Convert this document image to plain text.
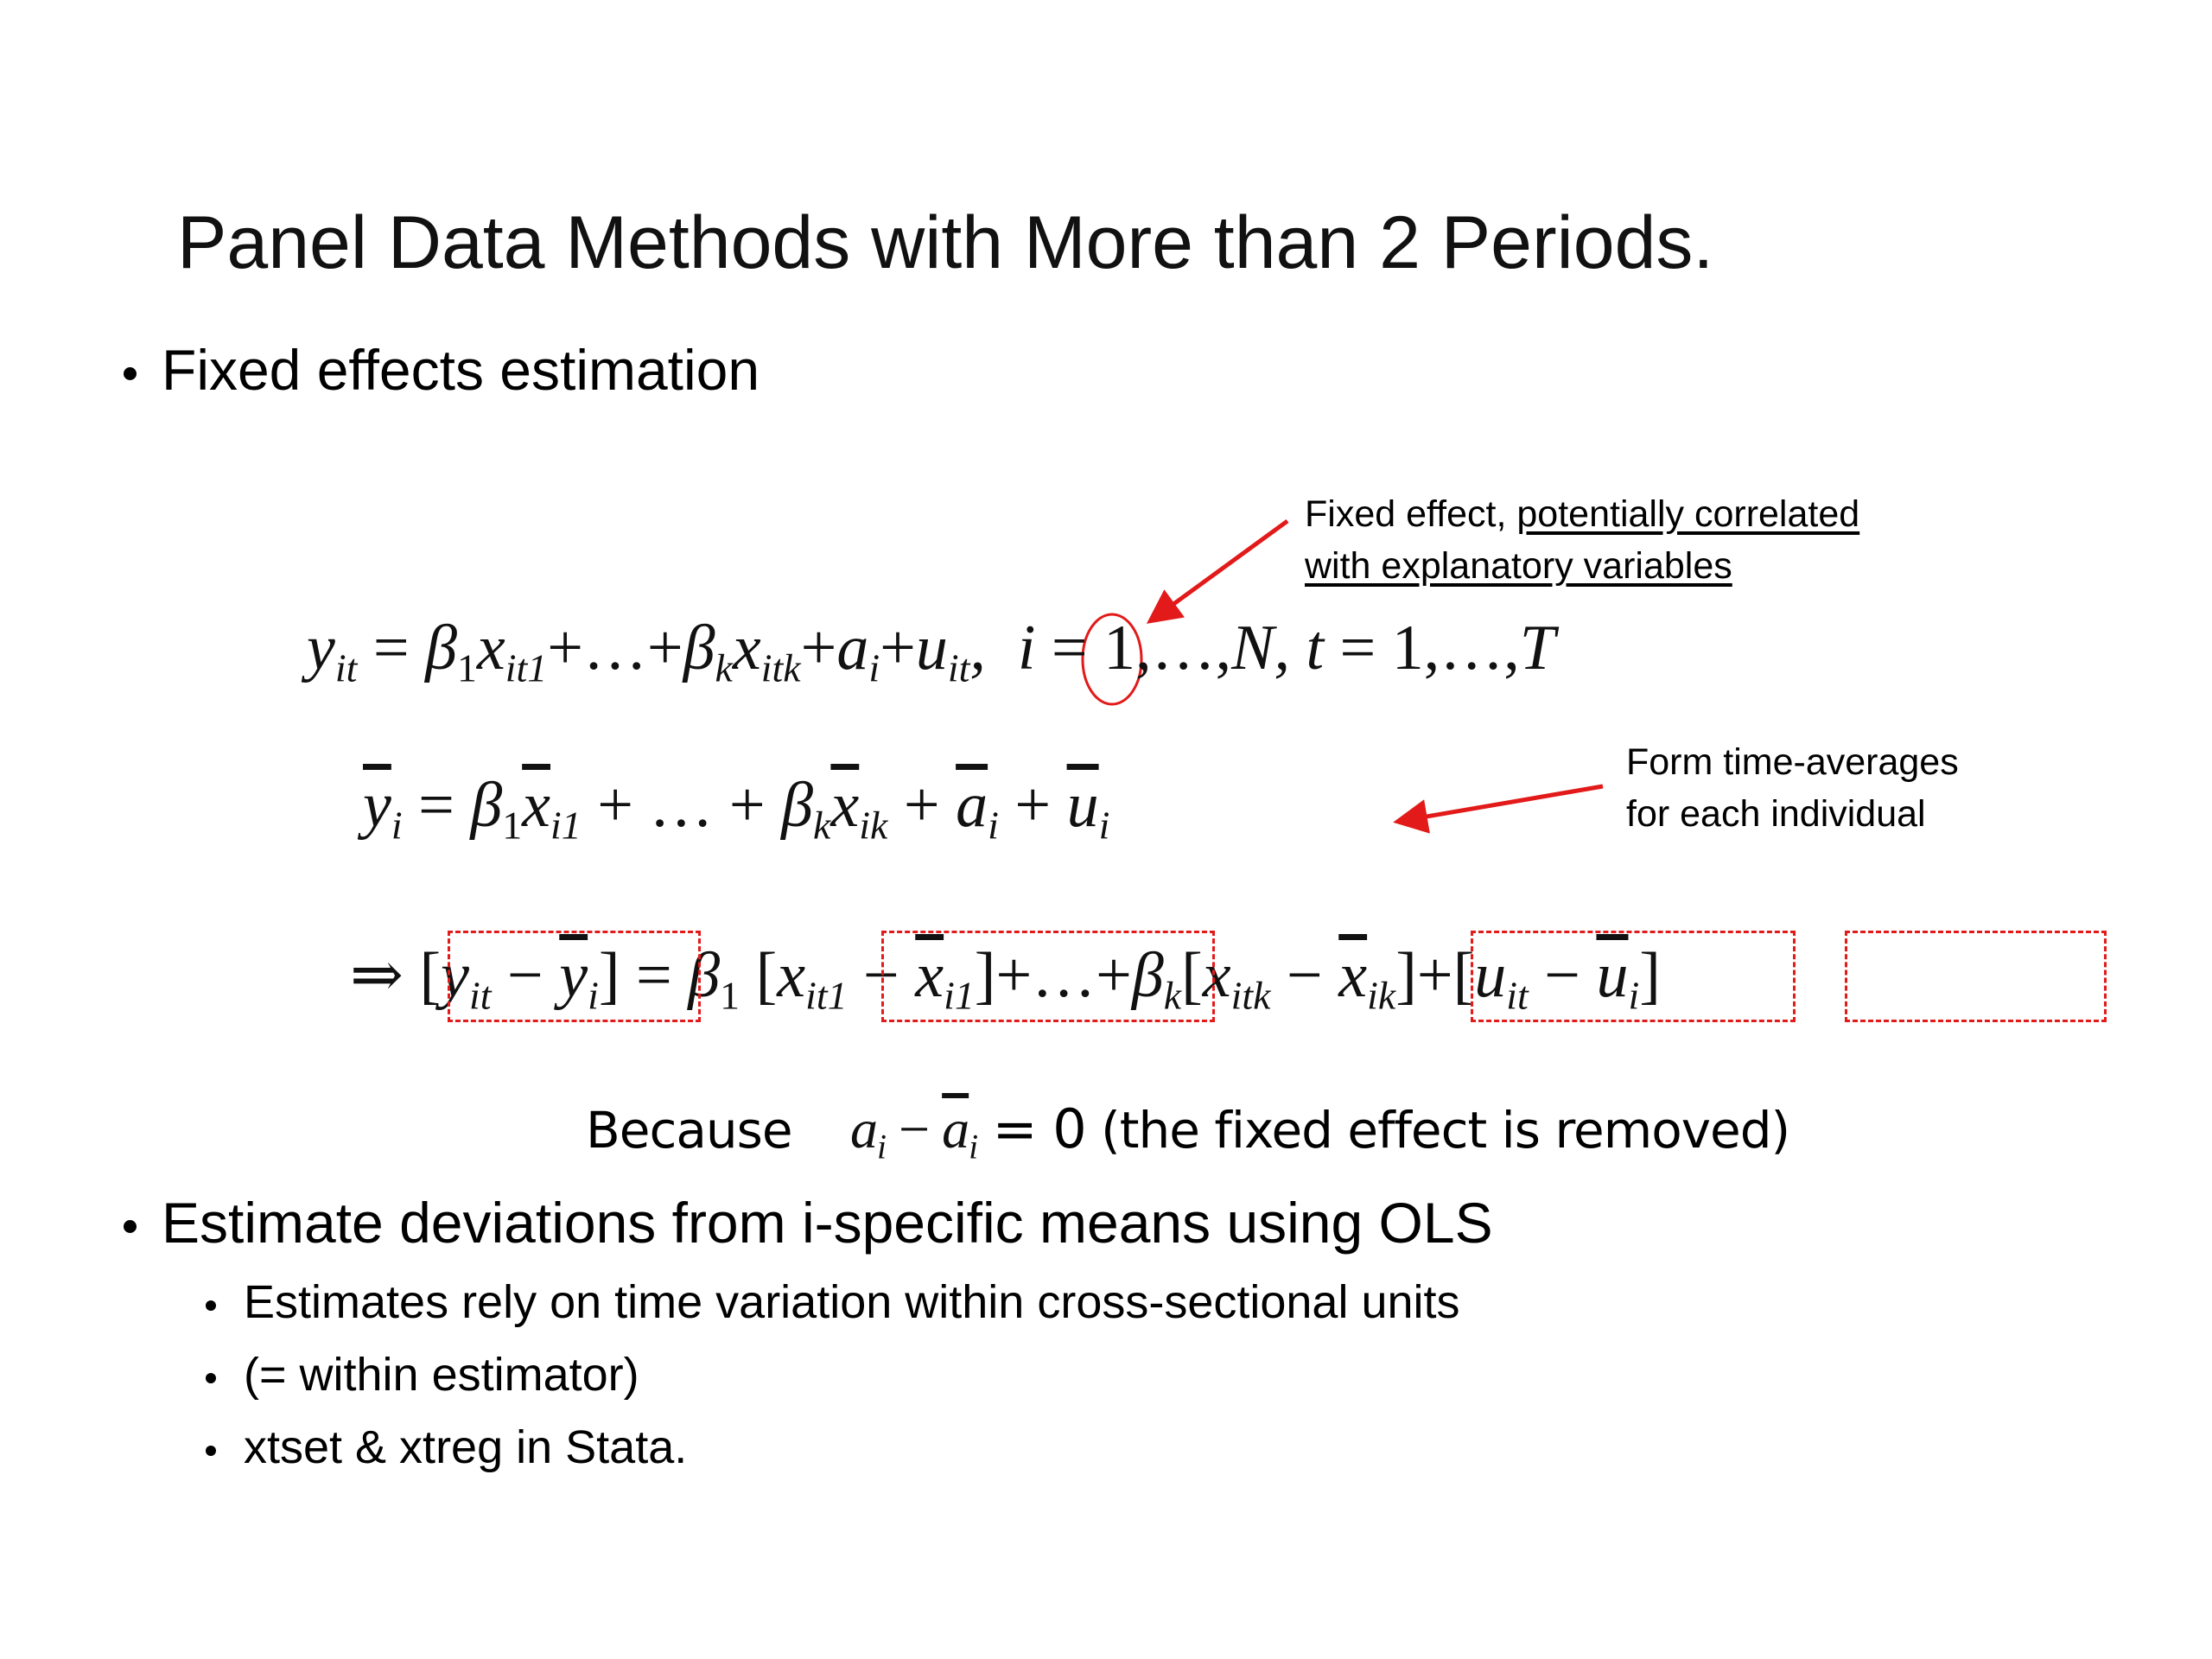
Panel Data Methods with More than 2 Periods.
Fixed effects estimation
Fixed effect, potentially correlated
with explanatory variables
Form time-averages
for each individual
$y_{it}$ = $\beta_1x_{it1}+\dots+\beta_kx_{itk}+a_i+u_{it}$,  i = 1,…,N, t = 1,…,T
$\overline{y}_i = \beta_1\overline{x}_{i1}$ + … + $\beta_k\overline{x}_{ik} + \overline{a}_i + \overline{u}_i$
⇒ $[y_{it} - \overline{y}_i] = \beta_1$ [$x_{it1}$ − $\overline{x}_{i1}]+\dots+\beta_k[x_{itk} - \overline{x}_{ik}]+[u_{it} - \overline{u}_i]$
Because $a_i - \overline{a}_i = 0$ (the fixed effect is removed)
Estimate deviations from i-specific means using OLS
Estimates rely on time variation within cross-sectional units
(= within estimator)
xtset & xtreg in Stata.
